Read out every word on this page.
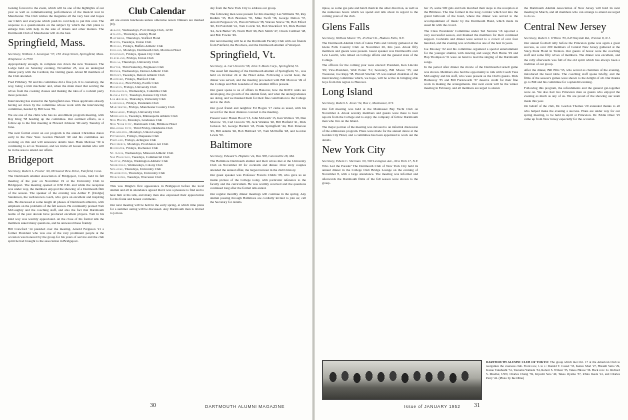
looking forward to the event, which will be one of the highlights of our year as well as commemorating performances of the musical tour in Manchester. The Club wishes the magazine all the very best and hopes our Club's and everyone which push its card help to put this over. The response to a questionnaire on the subject by which the club plans to enlarge lists with help in the sale of tickets and other matters. The Dartmouth Club of Manchester will do the best.

Springfield, Mass.

Secretary, William J. Lonergan '37, 150 Jesup Street, Springfield, Mass. Telephone: 2-7550

Appropriately enough, in complete run down the new Treasurer. The Lodge held on Saturday evening, November 23, was an undergrad dinner party with the Cardinal, the visiting guest. About 60 members of the Club attended.

Fred Pillsbury '30 and his committee did a fine job. It is customary, the way, being a trim mechanic and, when the main meal that serving the wives from the cooking classes and making the idea of a cocktail party more personal.

Interviewing has started in the Springfield area. Three applicants already having set down by the committee whose work with the interviewing committee, headed by Bill Goss '39.

We are one of the clubs who has no enrollment program meeting, with Ray King '38 heading up the committee. Our outlined efforts, as a follow-up to the first meeting at Howard Johnson 'till early Tuesday of June.

The next formal event on our program is the annual Christmas dance early in the New Year. Gordon Hartzell '40 and his committee are working on this and will announce details later. Hank Melrose '30 is continuing to act as Treasurer, and we invite all Green alumni who will be in the area to attend our affairs.

Bridgeport

Secretary, Robert L. Fowler '49, 68 Sound View Drive, Fairfield, Conn.

The Dartmouth Alumni Association of Bridgeport, Conn., held its fall meeting of the year on November 19 at the University Club in Bridgeport. The meeting opened at 6:30 P.M. and while the reception was under way, the members enjoyed the showing of a Dartmouth film of the season. The speaker of the evening was Arthur F. (Dodgie) Sanderson, the well-known coach, who gave an excellent and inspiring talk. He discussed at some length all phases of Dartmouth athletics, with emphasis on the problems of the fall season. He continually praised Tom McLaughry and the coaching staff, and also the fact that Dartmouth teams of the past decade have produced excellent players. Tom in his kind way was warmly appreciated. At the close of his formal talk the members asked many questions, and he answered these frankly.

Bill Crawford '14 presided over the meeting. Arnold Ferguson '21 a former President who was one of the very prominent people at the occasion was honored by the group for his years of service and the club spirit he had brought to the association in Bridgeport.

Club Calendar

All are events luncheons unless otherwise noted. Dinners are marked (D).

Albany, Wednesdays, Fort Orange Club, 12:30

Atlanta, Thursdays, Ansley Hotel

Baltimore, Thursdays, Stafford Hotel

Boston, Tuesdays, Union Club

Buffalo, Fridays, Buffalo Athletic Club

Chicago, Mondays, Dartmouth Club, Morrison Hotel

Cincinnati, Fridays, Queen City Club

Cleveland, Fridays, Union Club

Dallas, Thursdays, University Club

Dayton, Third Saturday, Engineers Club

Denver, Wednesdays, Denver Athletic Club

Detroit, Tuesdays, Detroit Athletic Club

Hartford, Fridays, Hartford Club

Honolulu, First Friday, Pacific Club

Houston, Fridays, University Club

Indianapolis, Wednesdays, Columbia Club

Kansas City, Tuesdays, Kansas City Club

Los Angeles, Thursdays, University Club

Louisville, Fridays, Pendennis Club

Manchester, Fridays, Manchester Country Club

Milwaukee, Fridays, University Club

Minneapolis, Tuesdays, Minneapolis Athletic Club

New Haven, Mondays, Graduates Club

New York City, Dartmouth Club, Biltmore Hotel

Oklahoma City, Third Friday, Oklahoma Club

Philadelphia, Mondays, Union League

Pittsburgh, Fridays, Duquesne Club

Portland, Fridays, Arlington Club

Providence, Mondays, Providence Art Club

Rochester, Fridays, Rochester Club

St. Louis, Wednesdays, Missouri Athletic Club

San Francisco, Tuesdays, Commercial Club

Seattle, Fridays, Washington Athletic Club

Springfield, Wednesdays, Colony Club

Syracuse, Thursdays, University Club

Washington, Thursdays, University Club

Worcester, Tuesdays, Worcester Club

This was Dingle's first appearance in Bridgeport before the local alumni and all in attendance agreed that it was a pleasure to find and to hear him at his talk, and many men also expressed their appreciation for his frank and honest comments.

Our next meeting will be held in the early spring, at which time plans for a summer outing will be discussed. Any Dartmouth man is invited to join us.

day from the New York City to address our group.

The following men were present for this meeting: Les Williams '30, Ray Rudkin '33, Bob Brennan '35, Mike Swift '36, George Dalton '37, Arnold Ferguson '21, Harold Wilson '38, Warren Struve '39, Bob Elford '40, Ed Fairchild '41, Tom Corvin '42, Bob Shackford '43, Dick Bartlett '44, Jack Butler '45, Norm Hull '46, Bob Smith '47, Chuck Cuthbert '48, and Bob Fowler '49.

Our next meeting will be at the Dartmouth Faculty Club with our friends from Fairfield, the Brochers, and the Dartmouth Alumni of Westport.

Springfield, Vt.

Secretary, A. Carl Lincoln '38, John T. Mack Corp., Springfield, Vt.

The usual fall meeting of the Dartmouth Alumni of Springfield, Vt., was held on October 24 at the Hotel Adna. Following a social hour, the dinner was served, and the meeting proceeded with Bill Morrow '49 of the College and Bob Gaudette of the Alumni Office present.

Our guest spoke to us of affairs in Hanover, how the ROTC units are developing, the growth of the alumni fund, and what the undergraduates are doing, and we thanked them for their fine contribution to the College and to the club.

Our good friend and neighbor Ed Hogan '17 came as usual, with his record for the most distance covered to the meeting.

Present were: Hazen Hood '13, John McGrath '15, Ken Wallace '18, Dan Morrow '19, Carl Lincoln '38, Jack Watkins '40, Bill Hatfield '41, Dick Jackson '42, George Bartlett '43, Frank Springfield '44, Bob Peterson '45, Bill Adams '46, Bob Hubbard '47, Tom McDuffie '48, and Gordon Lewis '50.

Baltimore

Secretary, Edward S. Hopkins '44, Box 308, Catonsville 28, Md.

The Baltimore Dartmouth alumni and their wives met at the University Club on November 20 for cocktails and dinner. Over sixty couples attended the annual affair, the largest turnout in the club's history.

Our guest speaker was Professor Francis Childs '28, who gave us an inside picture of the College today, with particular reference to the faculty and the curriculum. He was warmly received and the questions continued long after the formal talk ended.

Our regular monthly dinner meetings will continue in the spring. Any alumni passing through Baltimore are cordially invited to join us; call the Secretary for details.

30	DARTMOUTH ALUMNI MAGAZINE

tiptoe, so some gas pale and hatch them in the other direction, as well as the numerous hours which we spend and talk about in regard to the coming years of the club.

Glens Falls

Secretary, William Moore '35, 45 Pearl St., Hudson Falls, N.Y.

The Dartmouth Alumni Club of Glens Falls and vicinity gathered at the Glens Falls Country Club on November 26, this year. About fifty members and guests were present. Guest speaker was Dartmouth's own Lew Leavitt, who talked on College affairs and the general state of the College.

The officers for the coming year were elected: President, Ken Lincoln '29; Vice-President, Walt Potter '31; Secretary, Bill Moore '35; and Treasurer, Joe Rapp '38. Harold Sinclair '25 was named chairman of the interviewing committee which, we hope, will be active in bringing able boys from this region to Hanover.

Long Island

Secretary, Robert S. Jones '34, Box 1, Manhasset, N.Y.

Our fall meeting was held at the Manhasset Bay Yacht Club on November 4. About seventy members and guests were there to hear reports from the College and to enjoy the company of fellow Dartmouth men who live on the Island.

The major portion of the meeting was devoted to an informal discussion of the admissions program. Plans were made for the annual dance at the Garden City Hotel, and a committee has been appointed to work out the details.

New York City

Secretary, Edwin C. Sherman '29, 500 Lexington Ave., New York 17, N.Y.

Who Led the Parade? The Dartmouth Club of New York City held its annual dinner in the College Club Bridge Lounge on the evening of November 8, with a large attendance. The meeting was informal and afterwards the Dartmouth films of the fall season were shown to the group.

ber 15, some 500 gals and lads marched their steps to the reception at the Biltmore. The line formed in the long corridor which led into the grand ballroom of the hotel, where the dinner was served to the accompaniment of music by the Dartmouth Band, which made its usual hit with the crowd.

The Class Presidents' Committee under Ted Stevens '16 reported a very successful season, and thanked the members for their continued support. Cocktails and dinner were served to a crowd of over four hundred, and the evening was acclaimed as one of the best in years.

Joe Mooney '22 and his committee organized a special entertainment for the younger alumni, with dancing and songs; Bob Burns '29 and Hap Thompson '31 were on hand to lead the singing of the Dartmouth songs.

In the period after dinner the movie of the Dartmouth-Cornell game was shown. Members also had the opportunity to talk with Coach Tuss McLaughry and his staff, who were present as the Club's guests. Dick Hathaway '35 and Bill Farnsworth '37 deserve credit for their fine work in making the arrangements. Our next event will be the winter meeting in February, and all members are urged to attend.

the Dartmouth Alumni Association of New Jersey will hold its next meeting in March, and all members who can arrange to attend are urged to do so.

Central New Jersey

Secretary, Robert J. O'Hara '39, 643 Wayside Rd., Trenton 8, N.J.

Our annual football rally before the Princeton game was again a great success, as over 200 members of Central New Jersey gathered at the Stacy-Trent Hotel in Trenton. Our guests of honor were the coaching staff and some fifty wives of members. The dinner was excellent, and the rally afterwards was full of the old spirit which has always been a tradition of our group.

After the dinner, Bill Ellis '33, who served as chairman of the evening, introduced the head table. The coaching staff spoke briefly, and the films of the season's games were shown to the delight of all. Our thanks go to Bill and his committee for a splendid evening.

Following this program, the refreshments and the general get-together were on. We also had two Princeton men as guests who enjoyed the evening as much as any of us. We are proud of the showing our team made this year.

On behalf of the club, Dr. Gordon Thomas '20 extended thanks to all who helped make the evening a success. Plans are under way for our spring meeting, to be held in April at Princeton. Dr. Eddie Olser '25 came up from New Jersey especially for the occasion.

DARTMOUTH ALUMNI CLUB OF TOKYO: The group which met Oct. 17 at the American Club to reorganize the overseas club. Front row, l. to r.: Donald T. Cassel '33, Kenzo Mori '27, Hisashi Saito '29, Kazuo Takahashi '31, Tsutomu Yamada '34, Robert S. Wilson '35, Takeo Hirose '36. Back row: Lt. Richard S. Mueller, USN, Charles Chang '39, Kiyoshi Sato '40, Takao Oyama '37, Ichiro Ikeda '41, and Charles Perry '42. (Photo by Ike Ohno)

Issue of JANUARY 1952 31
